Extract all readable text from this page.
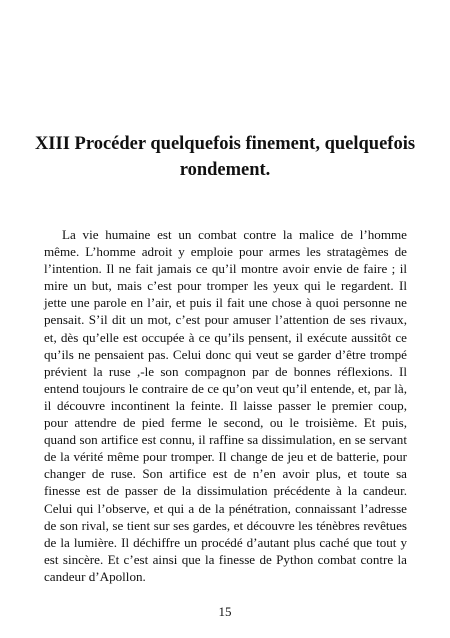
XIII Procéder quelquefois finement, quelquefois rondement.

La vie humaine est un combat contre la malice de l’homme même. L’homme adroit y emploie pour armes les stratagèmes de l’intention. Il ne fait jamais ce qu’il montre avoir envie de faire ; il mire un but, mais c’est pour tromper les yeux qui le regardent. Il jette une parole en l’air, et puis il fait une chose à quoi personne ne pensait. S’il dit un mot, c’est pour amuser l’attention de ses rivaux, et, dès qu’elle est occupée à ce qu’ils pensent, il exécute aussitôt ce qu’ils ne pensaient pas. Celui donc qui veut se garder d’être trompé prévient la ruse ,-le son compagnon par de bonnes réflexions. Il entend toujours le contraire de ce qu’on veut qu’il entende, et, par là, il découvre incontinent la feinte. Il laisse passer le premier coup, pour attendre de pied ferme le second, ou le troisième. Et puis, quand son artifice est connu, il raffine sa dissimulation, en se servant de la vérité même pour tromper. Il change de jeu et de batterie, pour changer de ruse. Son artifice est de n’en avoir plus, et toute sa finesse est de passer de la dissimulation précédente à la candeur. Celui qui l’observe, et qui a de la pénétration, connaissant l’adresse de son rival, se tient sur ses gardes, et découvre les ténèbres revêtues de la lumière. Il déchiffre un procédé d’autant plus caché que tout y est sincère. Et c’est ainsi que la finesse de Python combat contre la candeur d’Apollon.

15
